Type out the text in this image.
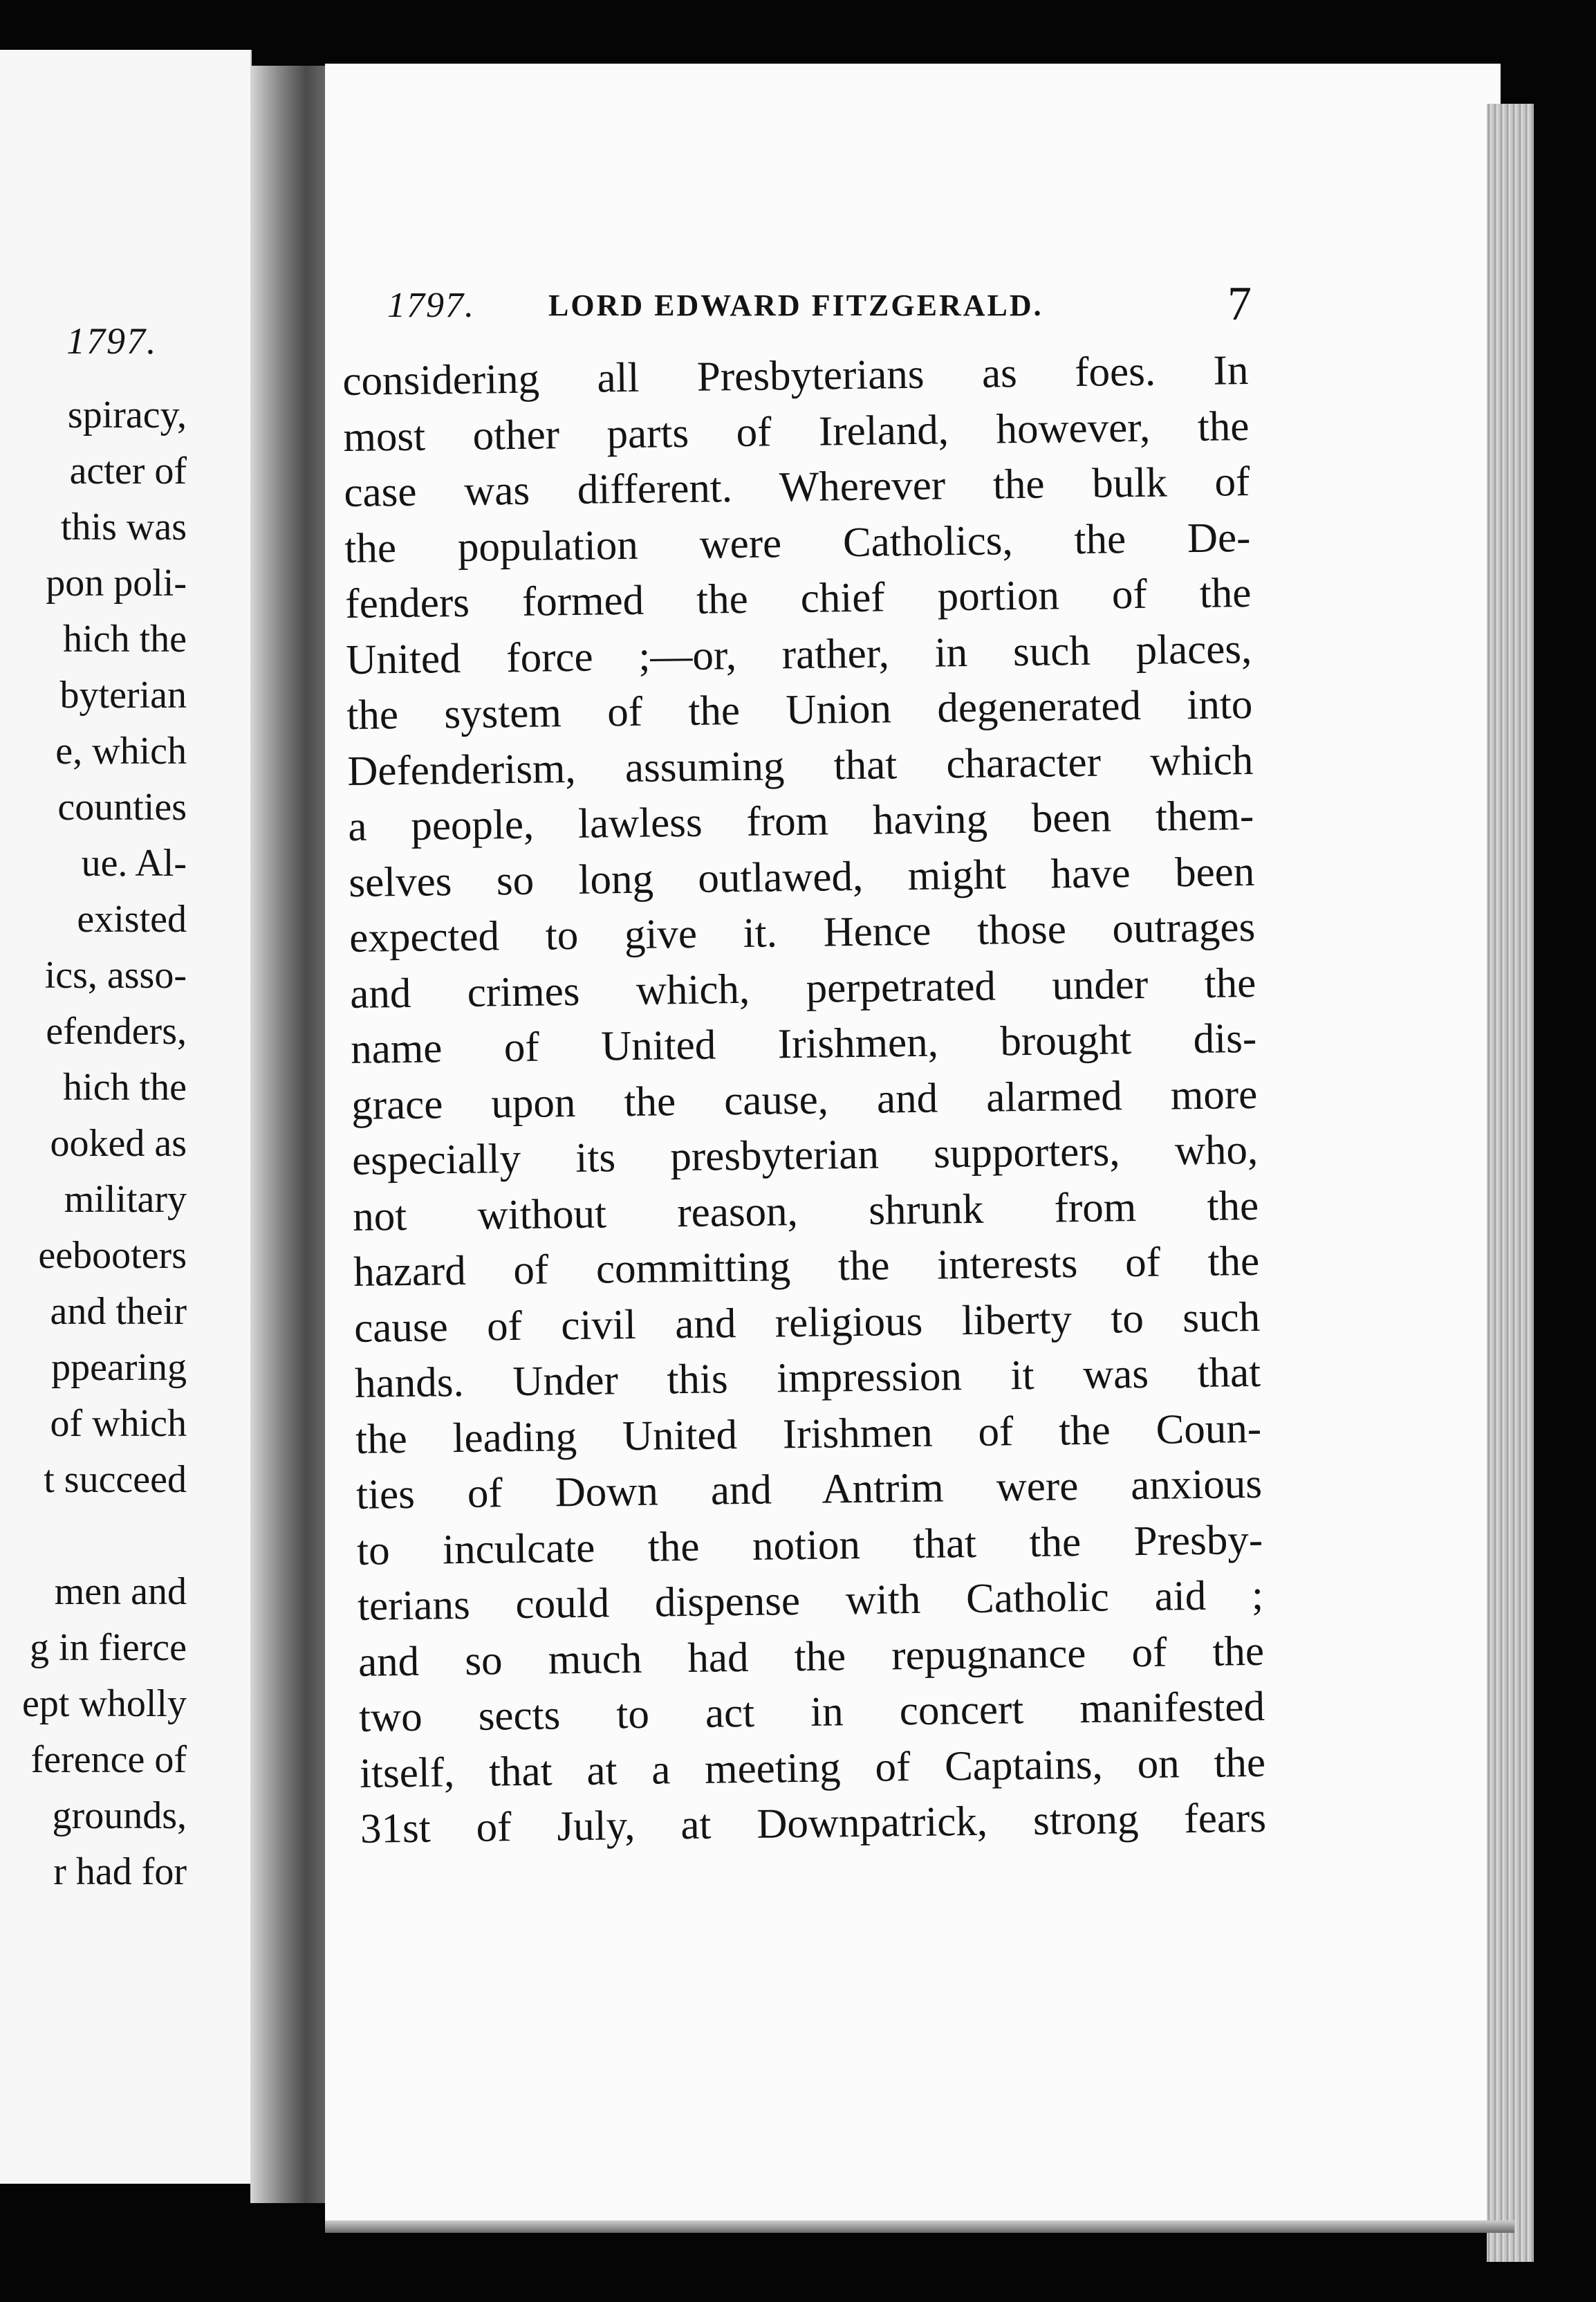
1797.
spiracy,
acter of
this was
pon poli-
hich the
byterian
e, which
counties
ue. Al-
existed
ics, asso-
efenders,
hich the
ooked as
military
eebooters
and their
ppearing
of which
t succeed
men and
g in fierce
ept wholly
ference of
grounds,
r had for
1797. LORD EDWARD FITZGERALD.	7
considering all Presbyterians as foes. In
most other parts of Ireland, however, the
case was different. Wherever the bulk of
the population were Catholics, the De-
fenders formed the chief portion of the
United force ;—or, rather, in such places,
the system of the Union degenerated into
Defenderism, assuming that character which
a people, lawless from having been them-
selves so long outlawed, might have been
expected to give it. Hence those outrages
and crimes which, perpetrated under the
name of United Irishmen, brought dis-
grace upon the cause, and alarmed more
especially its presbyterian supporters, who,
not without reason, shrunk from the
hazard of committing the interests of the
cause of civil and religious liberty to such
hands. Under this impression it was that
the leading United Irishmen of the Coun-
ties of Down and Antrim were anxious
to inculcate the notion that the Presby-
terians could dispense with Catholic aid ;
and so much had the repugnance of the
two sects to act in concert manifested
itself, that at a meeting of Captains, on the
31st of July, at Downpatrick, strong fears
